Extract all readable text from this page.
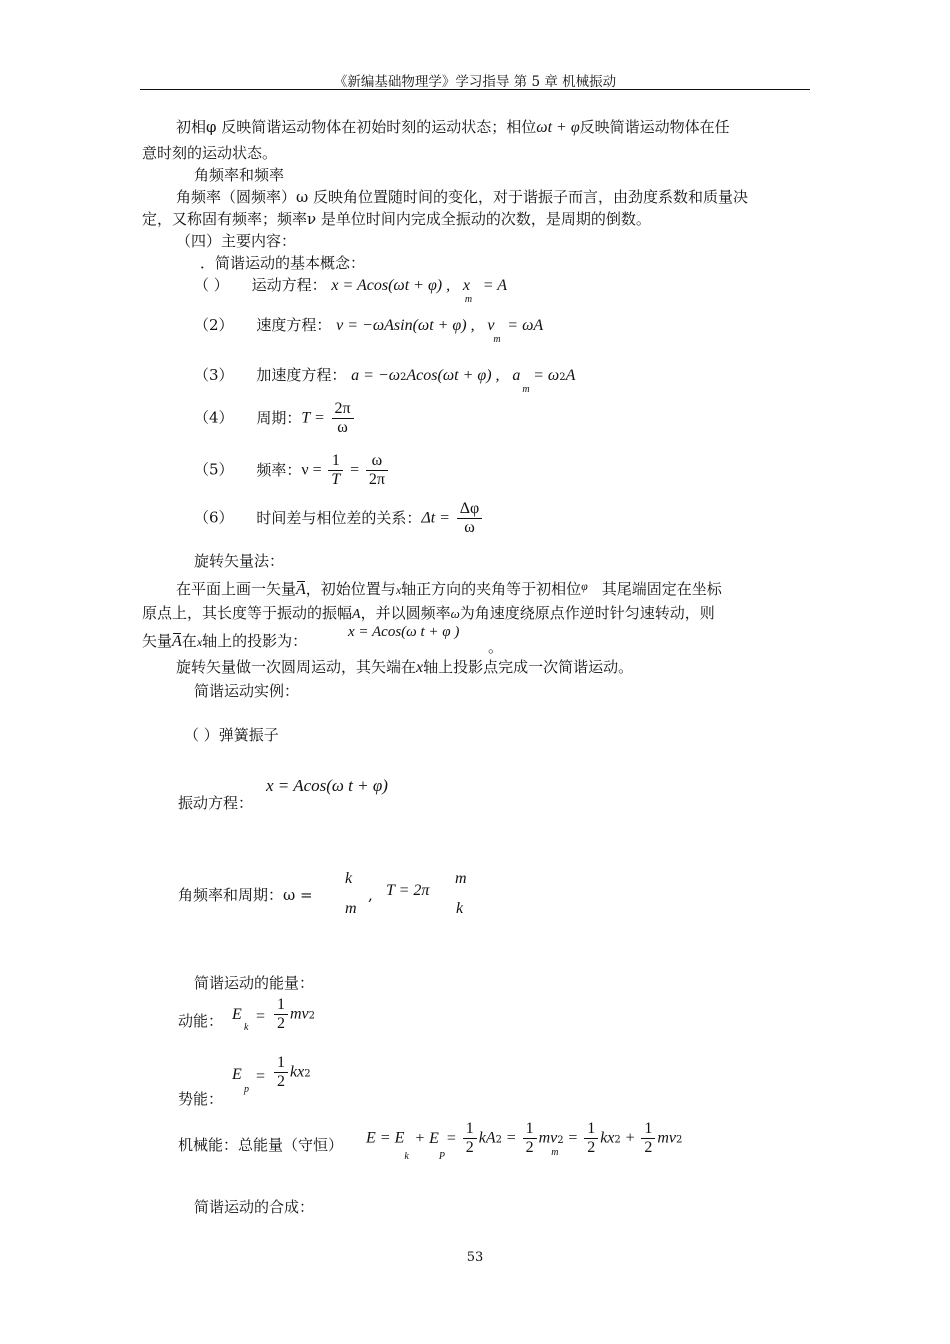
《新编基础物理学》学习指导 第 5 章 机械振动
初相φ 反映简谐运动物体在初始时刻的运动状态；相位ωt + φ反映简谐运动物体在任
意时刻的运动状态。
角频率和频率
角频率（圆频率）ω 反映角位置随时间的变化，对于谐振子而言，由劲度系数和质量决
定，又称固有频率；频率ν 是单位时间内完成全振动的次数，是周期的倒数。
（四）主要内容：
．简谐运动的基本概念：
（ ） 运动方程： x = Acos(ωt + φ) , x
m
= A
（2） 速度方程： v = −ωAsin(ωt + φ) , v
m
= ωA
（3） 加速度方程： a = −ω2Acos(ωt + φ) , a
m
= ω2A
（4） 周期：$T = \frac{2\pi}{\omega}$
（5） 频率：$\nu = \frac{1}{T} = \frac{\omega}{2\pi}$
（6） 时间差与相位差的关系：$\Delta t = \frac{\Delta\varphi}{\omega}$
旋转矢量法：
在平面上画一矢量A，初始位置与x轴正方向的夹角等于初相位$^\varphi$ 其尾端固定在坐标
原点上，其长度等于振动的振幅A，并以圆频率ω为角速度绕原点作逆时针匀速转动，则
矢量A在x轴上的投影为：	x = Acos(ω t + φ )
。
旋转矢量做一次圆周运动，其矢端在x轴上投影点完成一次简谐运动。
简谐运动实例：
（ ）弹簧振子
x = Acos(ω t + φ)
振动方程：
角频率和周期：ω =
k
m
, T = 2π
m
k
简谐运动的能量：
动能： E
k
= $\frac{1}{2} mv2$
E
p
= $\frac{1}{2} kx2$
势能：
机械能：总能量（守恒） E = E
k
+ E
P
= $\frac{1}{2} kA2 = \frac{1}{2} mv2$
m
= $\frac{1}{2} kx2 + \frac{1}{2} mv2$
简谐运动的合成：
53
